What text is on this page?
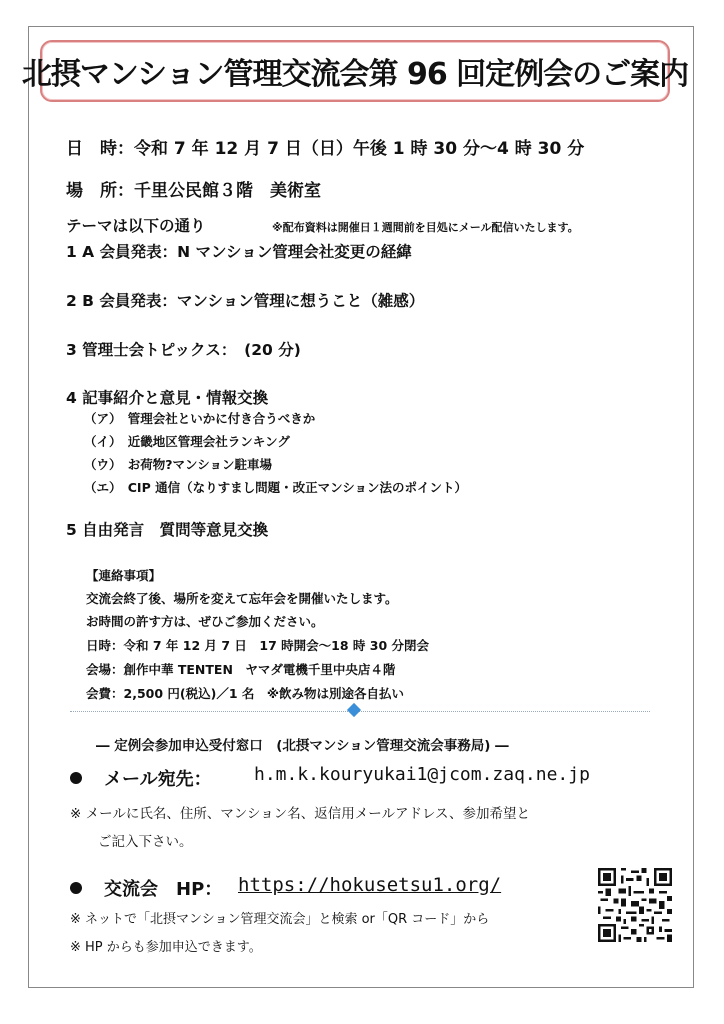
北摂マンション管理交流会第 96 回定例会のご案内
日　時：令和 7 年 12 月 7 日（日）午後 1 時 30 分～4 時 30 分
場　所：千里公民館３階　美術室
テーマは以下の通り	※配布資料は開催日１週間前を目処にメール配信いたします。
1 A 会員発表：N マンション管理会社変更の経緯
2 B 会員発表：マンション管理に想うこと（雑感）
3 管理士会トピックス：　(20 分)
4 記事紹介と意見・情報交換
（ア）　管理会社といかに付き合うべきか
（イ）　近畿地区管理会社ランキング
（ウ）　お荷物?マンション駐車場
（エ）　CIP 通信（なりすまし問題・改正マンション法のポイント）
5 自由発言　質問等意見交換
【連絡事項】
交流会終了後、場所を変えて忘年会を開催いたします。
お時間の許す方は、ぜひご参加ください。
日時：令和 7 年 12 月 7 日　17 時開会～18 時 30 分閉会
会場：創作中華 TENTEN　ヤマダ電機千里中央店４階
会費：2,500 円(税込)／1 名　※飲み物は別途各自払い
― 定例会参加申込受付窓口　(北摂マンション管理交流会事務局) ―
メール宛先： h.m.k.kouryukai1@jcom.zaq.ne.jp
※ メールに氏名、住所、マンション名、返信用メールアドレス、参加希望と
ご記入下さい。
交流会　HP： https://hokusetsu1.org/
※ ネットで「北摂マンション管理交流会」と検索 or「QR コード」から
※ HP からも参加申込できます。
